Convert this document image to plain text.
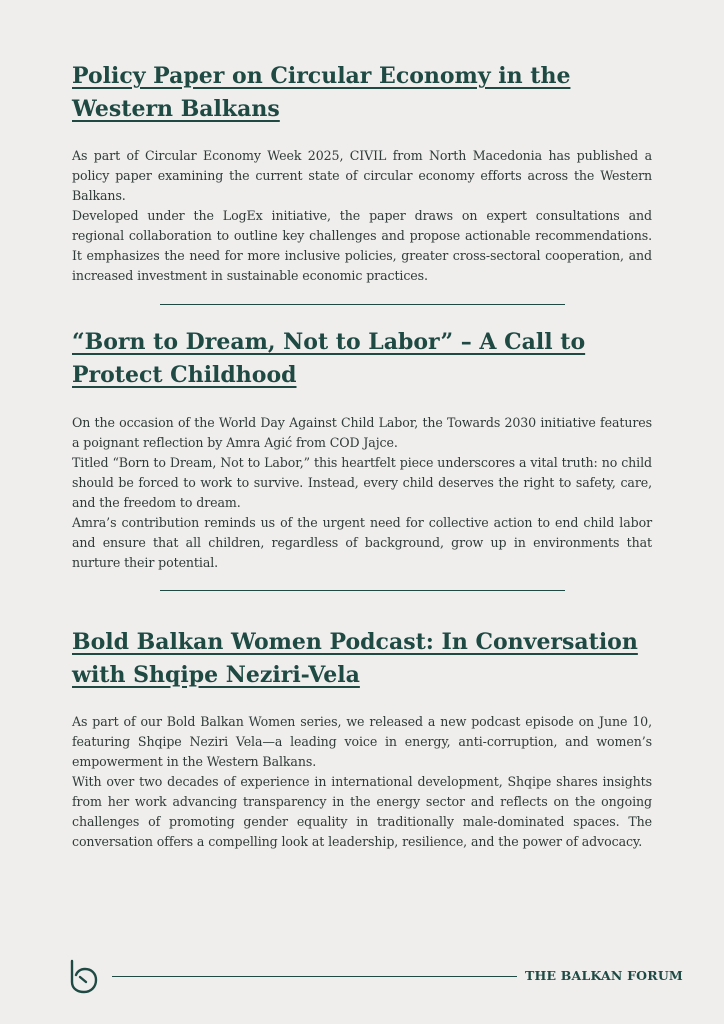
Policy Paper on Circular Economy in the Western Balkans

As part of Circular Economy Week 2025, CIVIL from North Macedonia has published a policy paper examining the current state of circular economy efforts across the Western Balkans.

Developed under the LogEx initiative, the paper draws on expert consultations and regional collaboration to outline key challenges and propose actionable recommendations. It emphasizes the need for more inclusive policies, greater cross-sectoral cooperation, and increased investment in sustainable economic practices.

“Born to Dream, Not to Labor” – A Call to Protect Childhood

On the occasion of the World Day Against Child Labor, the Towards 2030 initiative features a poignant reflection by Amra Agić from COD Jajce.

Titled “Born to Dream, Not to Labor,” this heartfelt piece underscores a vital truth: no child should be forced to work to survive. Instead, every child deserves the right to safety, care, and the freedom to dream.

Amra’s contribution reminds us of the urgent need for collective action to end child labor and ensure that all children, regardless of background, grow up in environments that nurture their potential.

Bold Balkan Women Podcast: In Conversation with Shqipe Neziri-Vela

As part of our Bold Balkan Women series, we released a new podcast episode on June 10, featuring Shqipe Neziri Vela—a leading voice in energy, anti-corruption, and women’s empowerment in the Western Balkans.

With over two decades of experience in international development, Shqipe shares insights from her work advancing transparency in the energy sector and reflects on the ongoing challenges of promoting gender equality in traditionally male-dominated spaces. The conversation offers a compelling look at leadership, resilience, and the power of advocacy.

THE BALKAN FORUM
